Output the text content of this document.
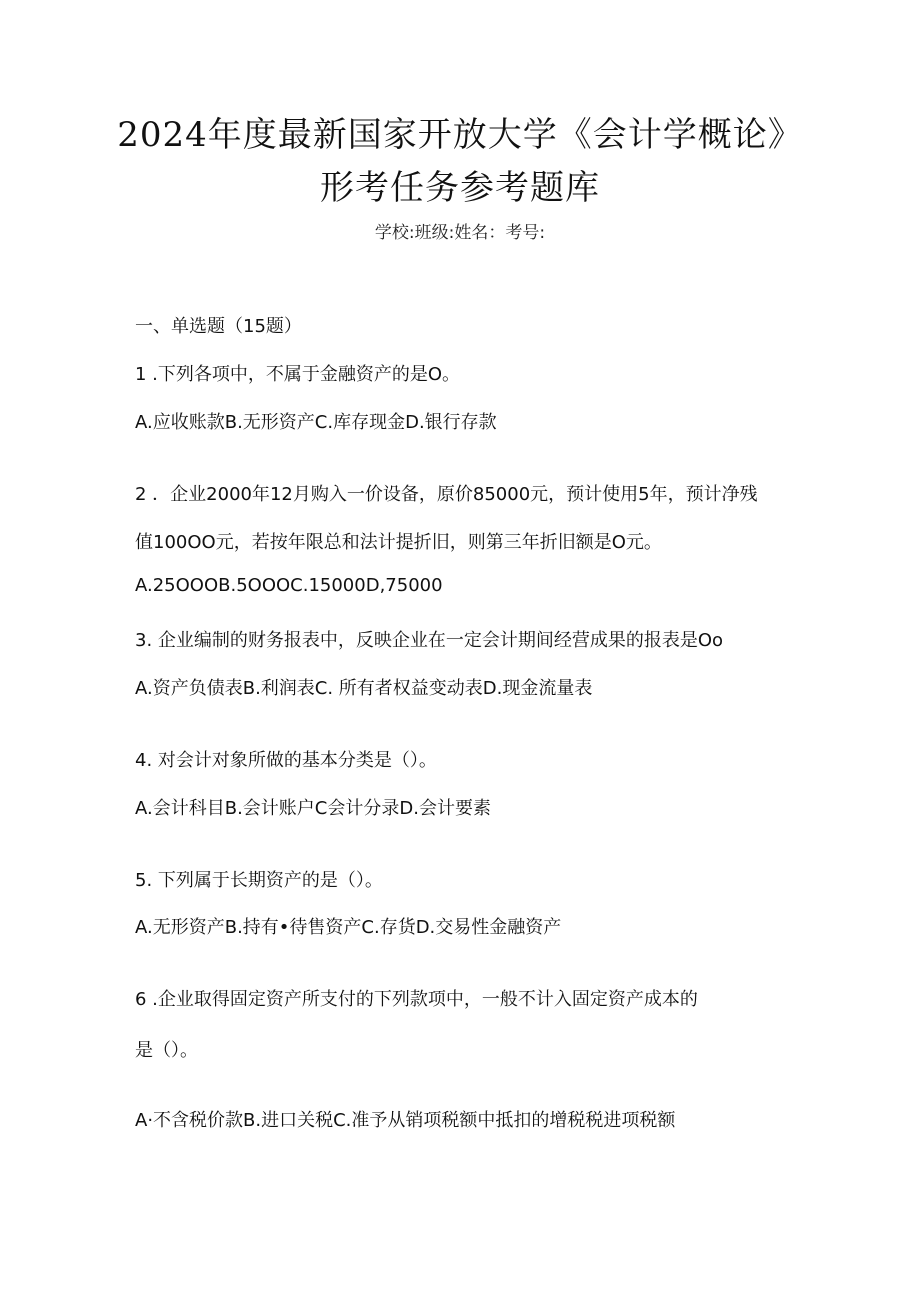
2024年度最新国家开放大学《会计学概论》
形考任务参考题库
学校:班级:姓名：考号:
一、单选题（15题）
1 .下列各项中，不属于金融资产的是O。
A.应收账款B.无形资产C.库存现金D.银行存款
2 ．企业2000年12月购入一价设备，原价85000元，预计使用5年，预计净残
值100OO元，若按年限总和法计提折旧，则第三年折旧额是O元。
A.25OOOB.5OOOC.15000D,75000
3. 企业编制的财务报表中，反映企业在一定会计期间经营成果的报表是Oo
A.资产负债表B.利润表C. 所有者权益变动表D.现金流量表
4. 对会计对象所做的基本分类是（）。
A.会计科目B.会计账户C会计分录D.会计要素
5. 下列属于长期资产的是（）。
A.无形资产B.持有•待售资产C.存货D.交易性金融资产
6 .企业取得固定资产所支付的下列款项中，一般不计入固定资产成本的
是（）。
A·不含税价款B.进口关税C.准予从销项税额中抵扣的增税税进项税额
